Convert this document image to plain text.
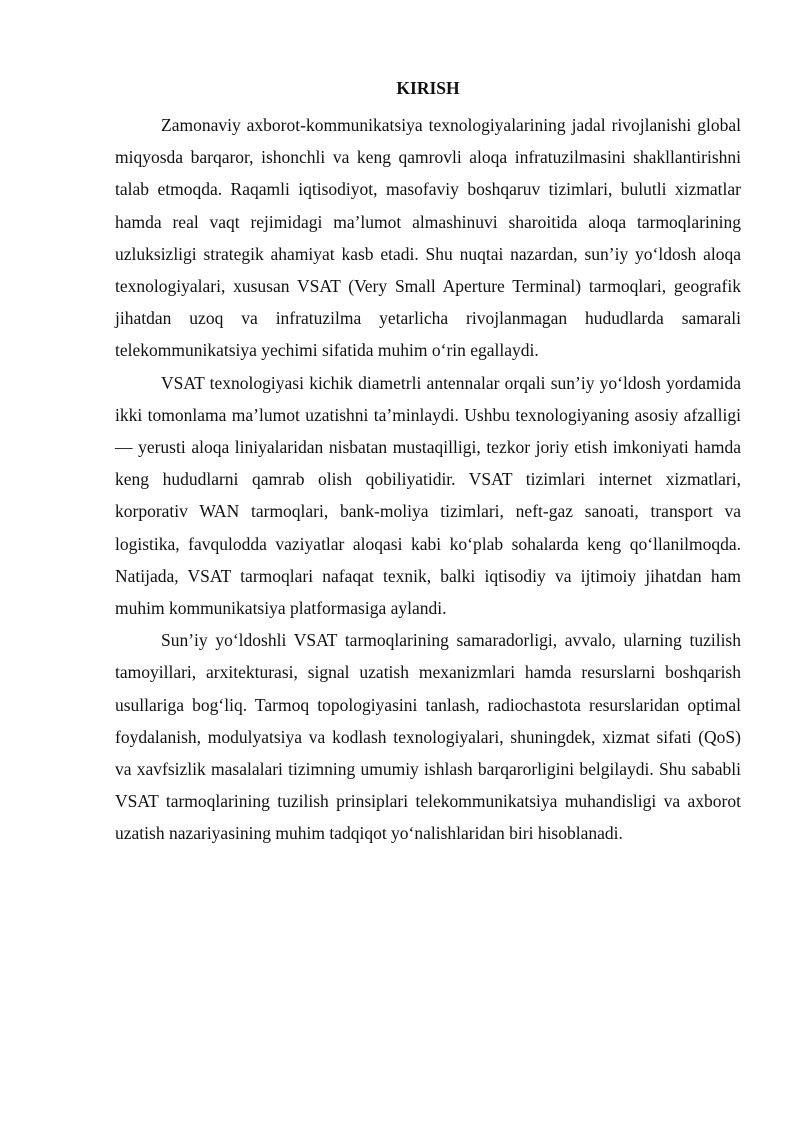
KIRISH

Zamonaviy axborot-kommunikatsiya texnologiyalarining jadal rivojlanishi global miqyosda barqaror, ishonchli va keng qamrovli aloqa infratuzilmasini shakllantirishni talab etmoqda. Raqamli iqtisodiyot, masofaviy boshqaruv tizimlari, bulutli xizmatlar hamda real vaqt rejimidagi ma’lumot almashinuvi sharoitida aloqa tarmoqlarining uzluksizligi strategik ahamiyat kasb etadi. Shu nuqtai nazardan, sun’iy yo‘ldosh aloqa texnologiyalari, xususan VSAT (Very Small Aperture Terminal) tarmoqlari, geografik jihatdan uzoq va infratuzilma yetarlicha rivojlanmagan hududlarda samarali telekommunikatsiya yechimi sifatida muhim o‘rin egallaydi.

VSAT texnologiyasi kichik diametrli antennalar orqali sun’iy yo‘ldosh yordamida ikki tomonlama ma’lumot uzatishni ta’minlaydi. Ushbu texnologiyaning asosiy afzalligi — yerusti aloqa liniyalaridan nisbatan mustaqilligi, tezkor joriy etish imkoniyati hamda keng hududlarni qamrab olish qobiliyatidir. VSAT tizimlari internet xizmatlari, korporativ WAN tarmoqlari, bank-moliya tizimlari, neft-gaz sanoati, transport va logistika, favqulodda vaziyatlar aloqasi kabi ko‘plab sohalarda keng qo‘llanilmoqda. Natijada, VSAT tarmoqlari nafaqat texnik, balki iqtisodiy va ijtimoiy jihatdan ham muhim kommunikatsiya platformasiga aylandi.

Sun’iy yo‘ldoshli VSAT tarmoqlarining samaradorligi, avvalo, ularning tuzilish tamoyillari, arxitekturasi, signal uzatish mexanizmlari hamda resurslarni boshqarish usullariga bog‘liq. Tarmoq topologiyasini tanlash, radiochastota resurslaridan optimal foydalanish, modulyatsiya va kodlash texnologiyalari, shuningdek, xizmat sifati (QoS) va xavfsizlik masalalari tizimning umumiy ishlash barqarorligini belgilaydi. Shu sababli VSAT tarmoqlarining tuzilish prinsiplari telekommunikatsiya muhandisligi va axborot uzatish nazariyasining muhim tadqiqot yo‘nalishlaridan biri hisoblanadi.
